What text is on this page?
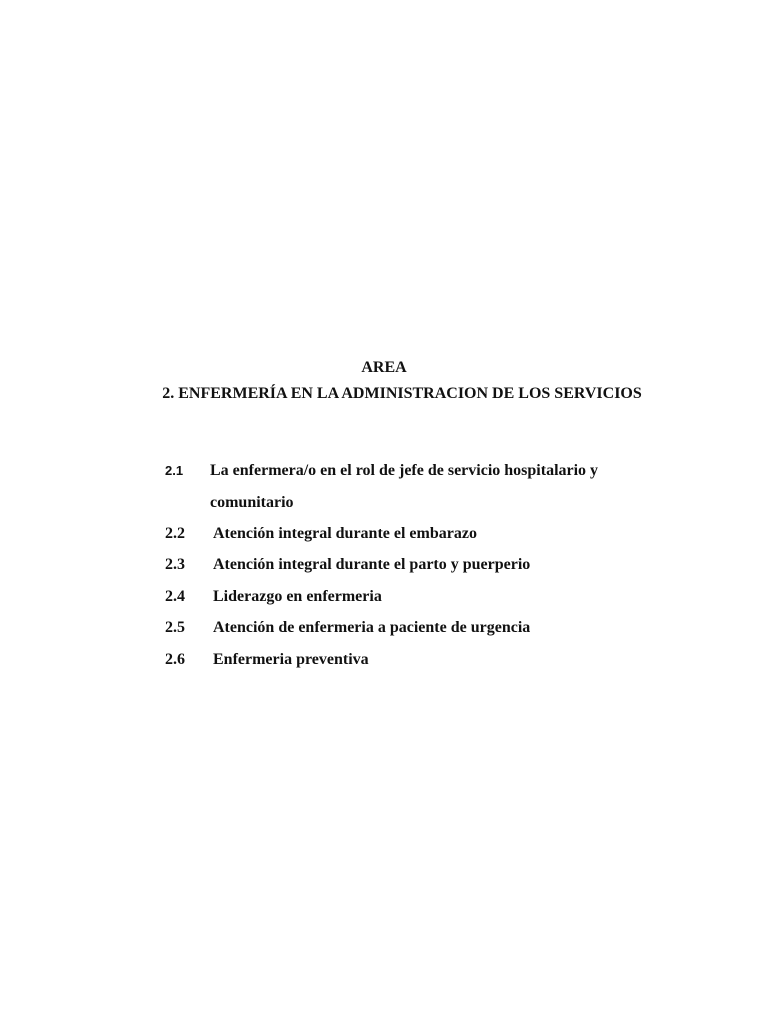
AREA
2. ENFERMERÍA EN LA ADMINISTRACION DE LOS SERVICIOS
2.1 La enfermera/o en el rol de jefe de servicio hospitalario y
comunitario
2.2 Atención integral durante el embarazo
2.3 Atención integral durante el parto y puerperio
2.4 Liderazgo en enfermeria
2.5 Atención de enfermeria a paciente de urgencia
2.6 Enfermeria preventiva
